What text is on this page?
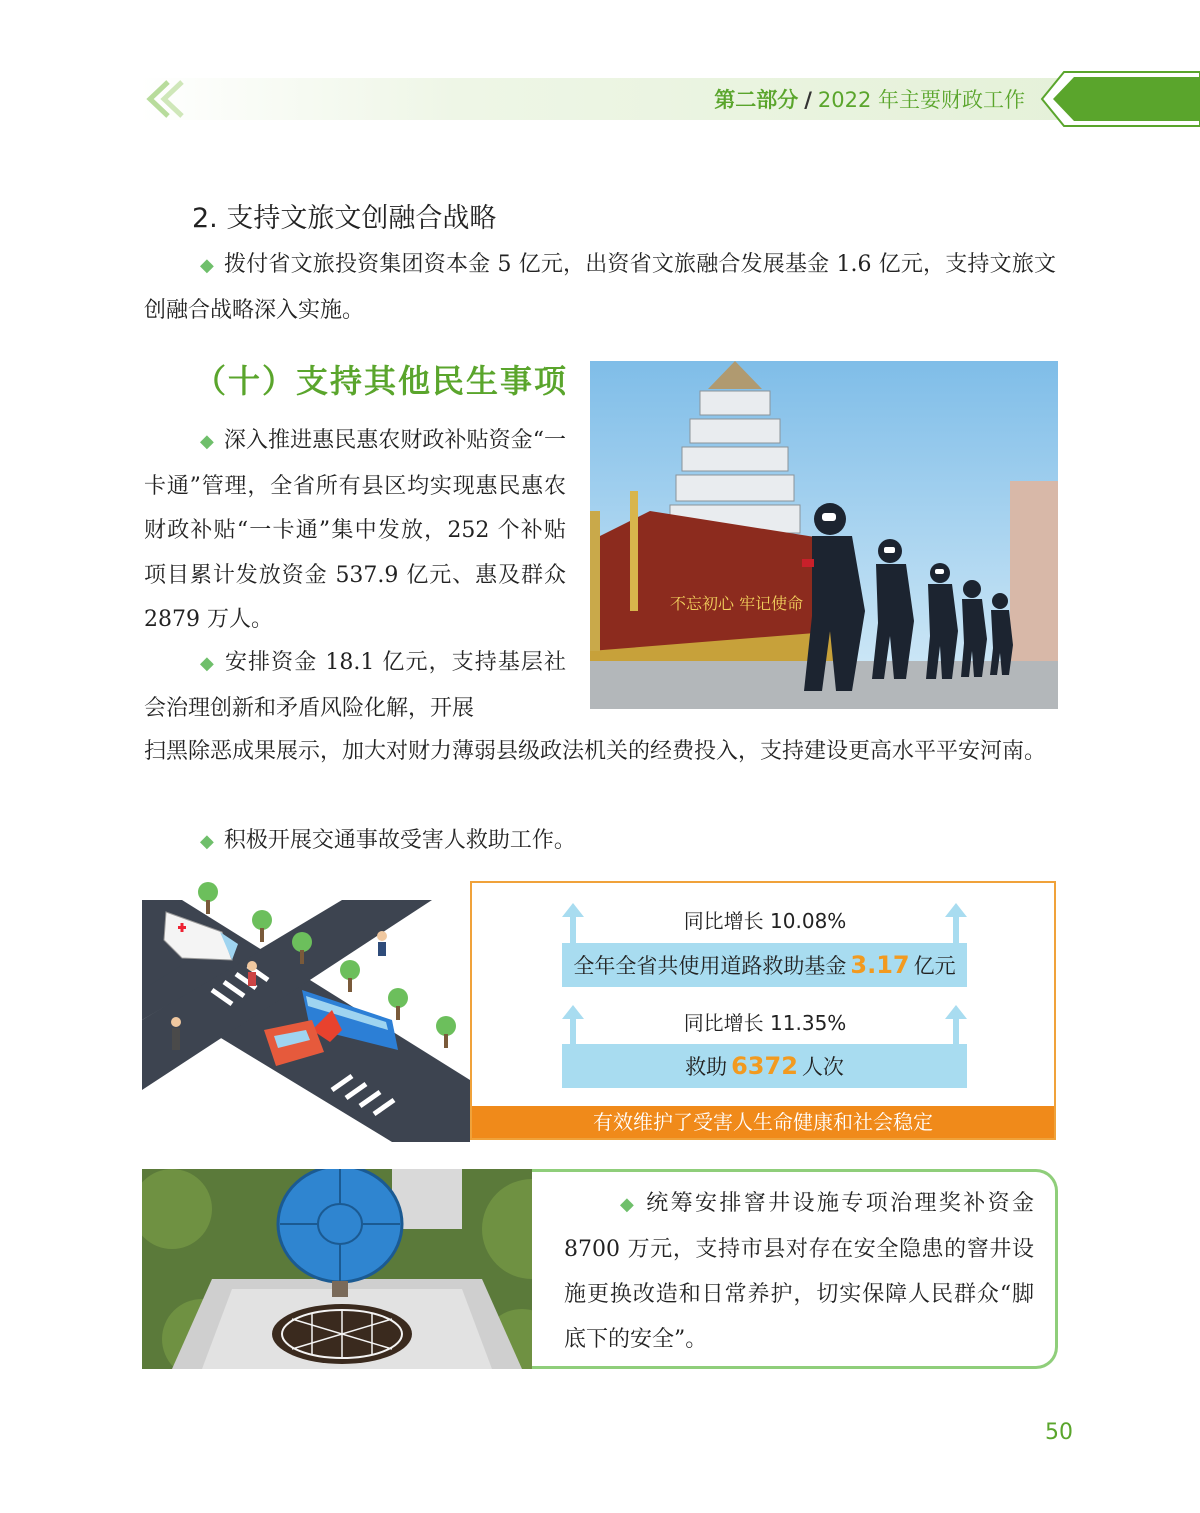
第二部分 / 2022 年主要财政工作
2. 支持文旅文创融合战略
◆ 拨付省文旅投资集团资本金 5 亿元，出资省文旅融合发展基金 1.6 亿元，支持文旅文创融合战略深入实施。
（十）支持其他民生事项
◆ 深入推进惠民惠农财政补贴资金“一卡通”管理，全省所有县区均实现惠民惠农财政补贴“一卡通”集中发放，252 个补贴项目累计发放资金 537.9 亿元、惠及群众 2879 万人。
◆ 安排资金 18.1 亿元，支持基层社会治理创新和矛盾风险化解，开展
扫黑除恶成果展示，加大对财力薄弱县级政法机关的经费投入，支持建设更高水平平安河南。
◆ 积极开展交通事故受害人救助工作。
不忘初心 牢记使命
同比增长 10.08%
全年全省共使用道路救助基金 3.17 亿元
同比增长 11.35%
救助 6372 人次
有效维护了受害人生命健康和社会稳定
◆ 统筹安排窨井设施专项治理奖补资金 8700 万元，支持市县对存在安全隐患的窨井设施更换改造和日常养护，切实保障人民群众“脚底下的安全”。
50
